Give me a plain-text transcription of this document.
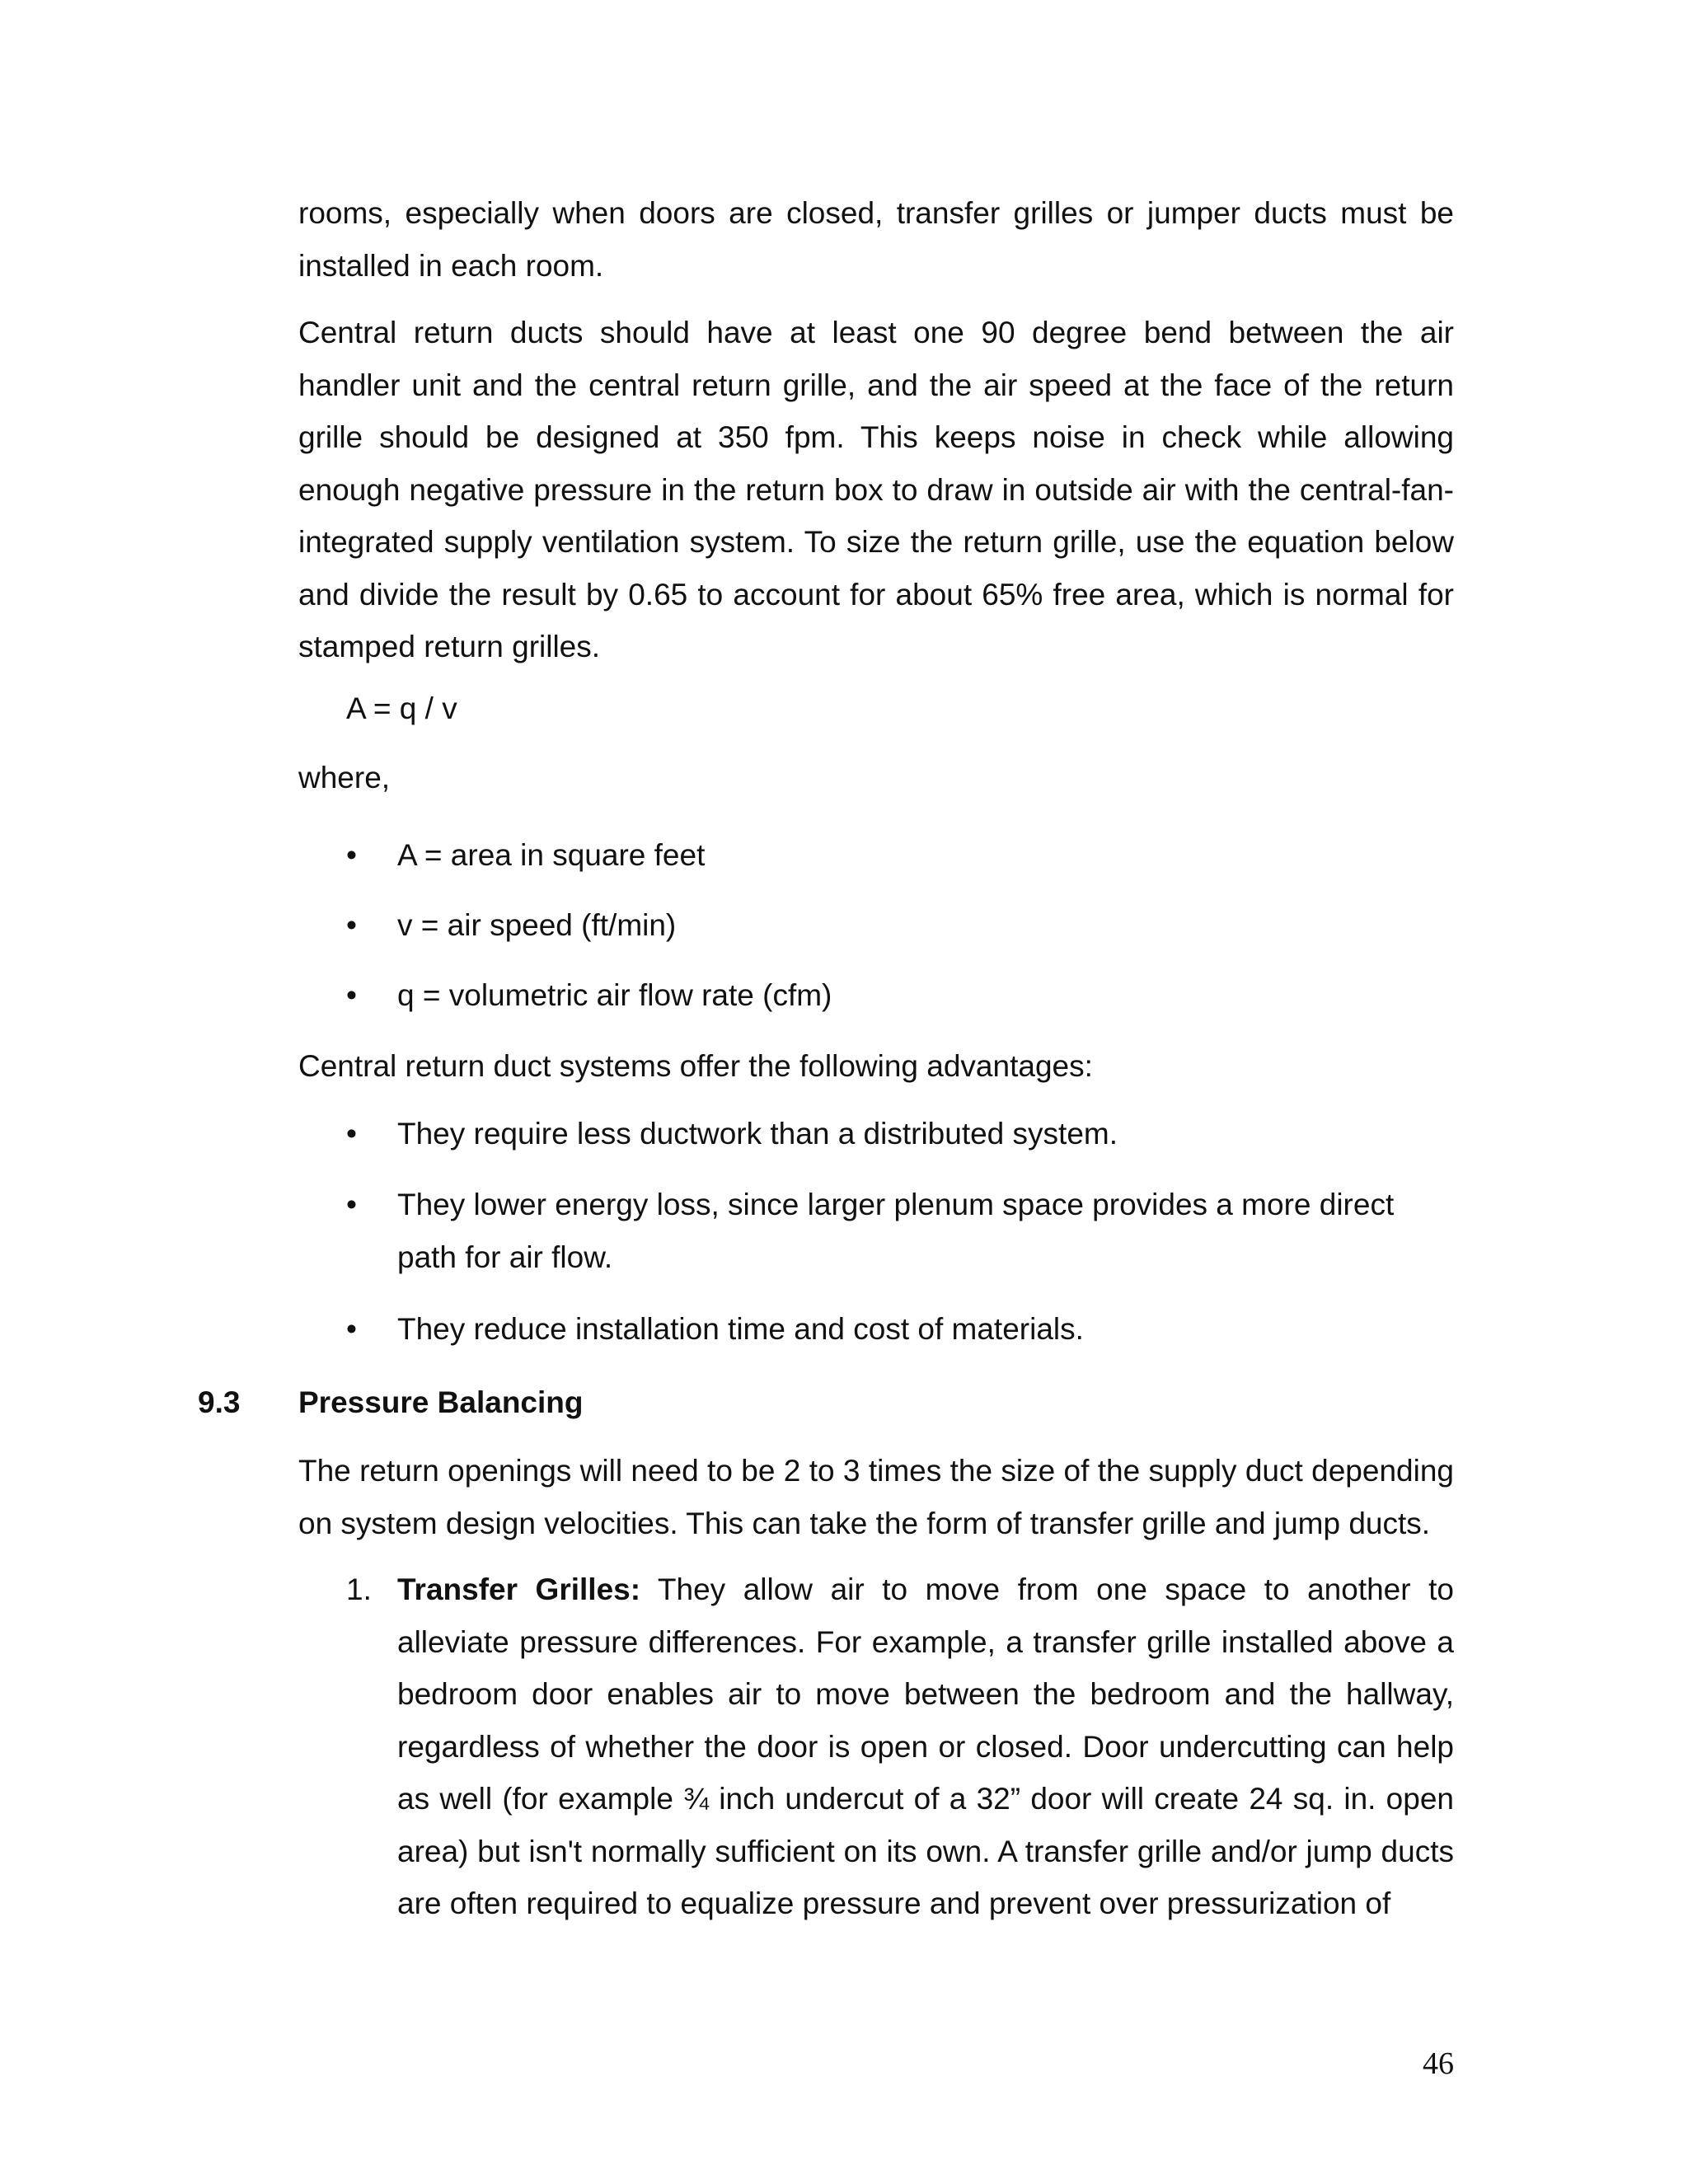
rooms, especially when doors are closed, transfer grilles or jumper ducts must be installed in each room.

Central return ducts should have at least one 90 degree bend between the air handler unit and the central return grille, and the air speed at the face of the return grille should be designed at 350 fpm. This keeps noise in check while allowing enough negative pressure in the return box to draw in outside air with the central-fan-integrated supply ventilation system. To size the return grille, use the equation below and divide the result by 0.65 to account for about 65% free area, which is normal for stamped return grilles.

A = q / v
where,
•	A = area in square feet
•	v = air speed (ft/min)
•	q = volumetric air flow rate (cfm)
Central return duct systems offer the following advantages:
•	They require less ductwork than a distributed system.
•	They lower energy loss, since larger plenum space provides a more direct path for air flow.
•	They reduce installation time and cost of materials.
9.3 Pressure Balancing

The return openings will need to be 2 to 3 times the size of the supply duct depending on system design velocities. This can take the form of transfer grille and jump ducts.

1. Transfer Grilles: They allow air to move from one space to another to alleviate pressure differences. For example, a transfer grille installed above a bedroom door enables air to move between the bedroom and the hallway, regardless of whether the door is open or closed. Door undercutting can help as well (for example ¾ inch undercut of a 32” door will create 24 sq. in. open area) but isn't normally sufficient on its own. A transfer grille and/or jump ducts are often required to equalize pressure and prevent over pressurization of

46
